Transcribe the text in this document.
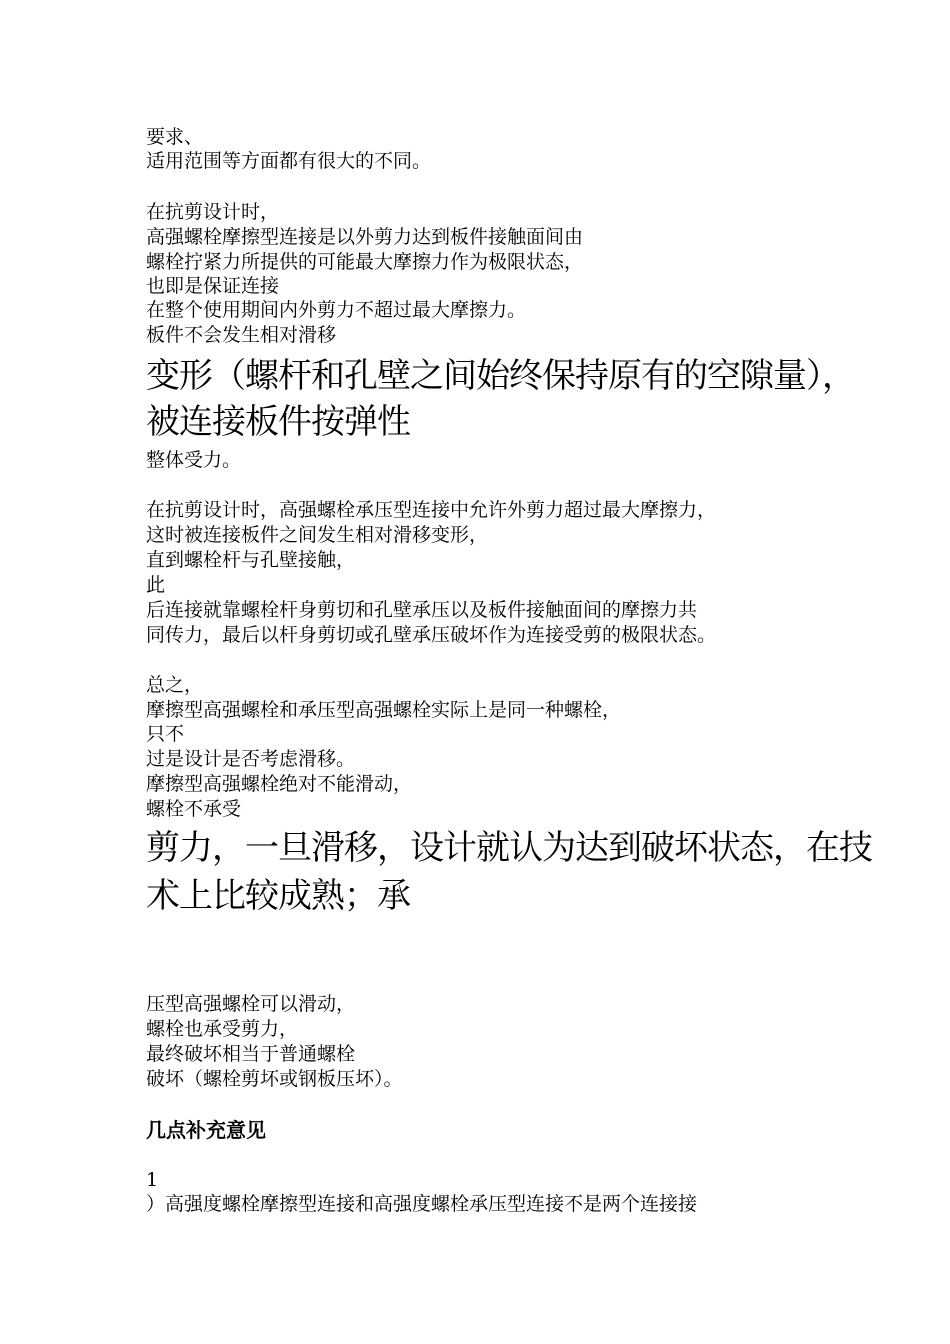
要求、
适用范围等方面都有很大的不同。
在抗剪设计时，
高强螺栓摩擦型连接是以外剪力达到板件接触面间由
螺栓拧紧力所提供的可能最大摩擦力作为极限状态，
也即是保证连接
在整个使用期间内外剪力不超过最大摩擦力。
板件不会发生相对滑移
变形（螺杆和孔壁之间始终保持原有的空隙量），
被连接板件按弹性
整体受力。
在抗剪设计时，高强螺栓承压型连接中允许外剪力超过最大摩擦力，
这时被连接板件之间发生相对滑移变形，
直到螺栓杆与孔壁接触，
此
后连接就靠螺栓杆身剪切和孔壁承压以及板件接触面间的摩擦力共
同传力，最后以杆身剪切或孔壁承压破坏作为连接受剪的极限状态。
总之，
摩擦型高强螺栓和承压型高强螺栓实际上是同一种螺栓，
只不
过是设计是否考虑滑移。
摩擦型高强螺栓绝对不能滑动，
螺栓不承受
剪力，一旦滑移，设计就认为达到破坏状态，在技
术上比较成熟；承
压型高强螺栓可以滑动，
螺栓也承受剪力，
最终破坏相当于普通螺栓
破坏（螺栓剪坏或钢板压坏）。
几点补充意见
1
）高强度螺栓摩擦型连接和高强度螺栓承压型连接不是两个连接接
